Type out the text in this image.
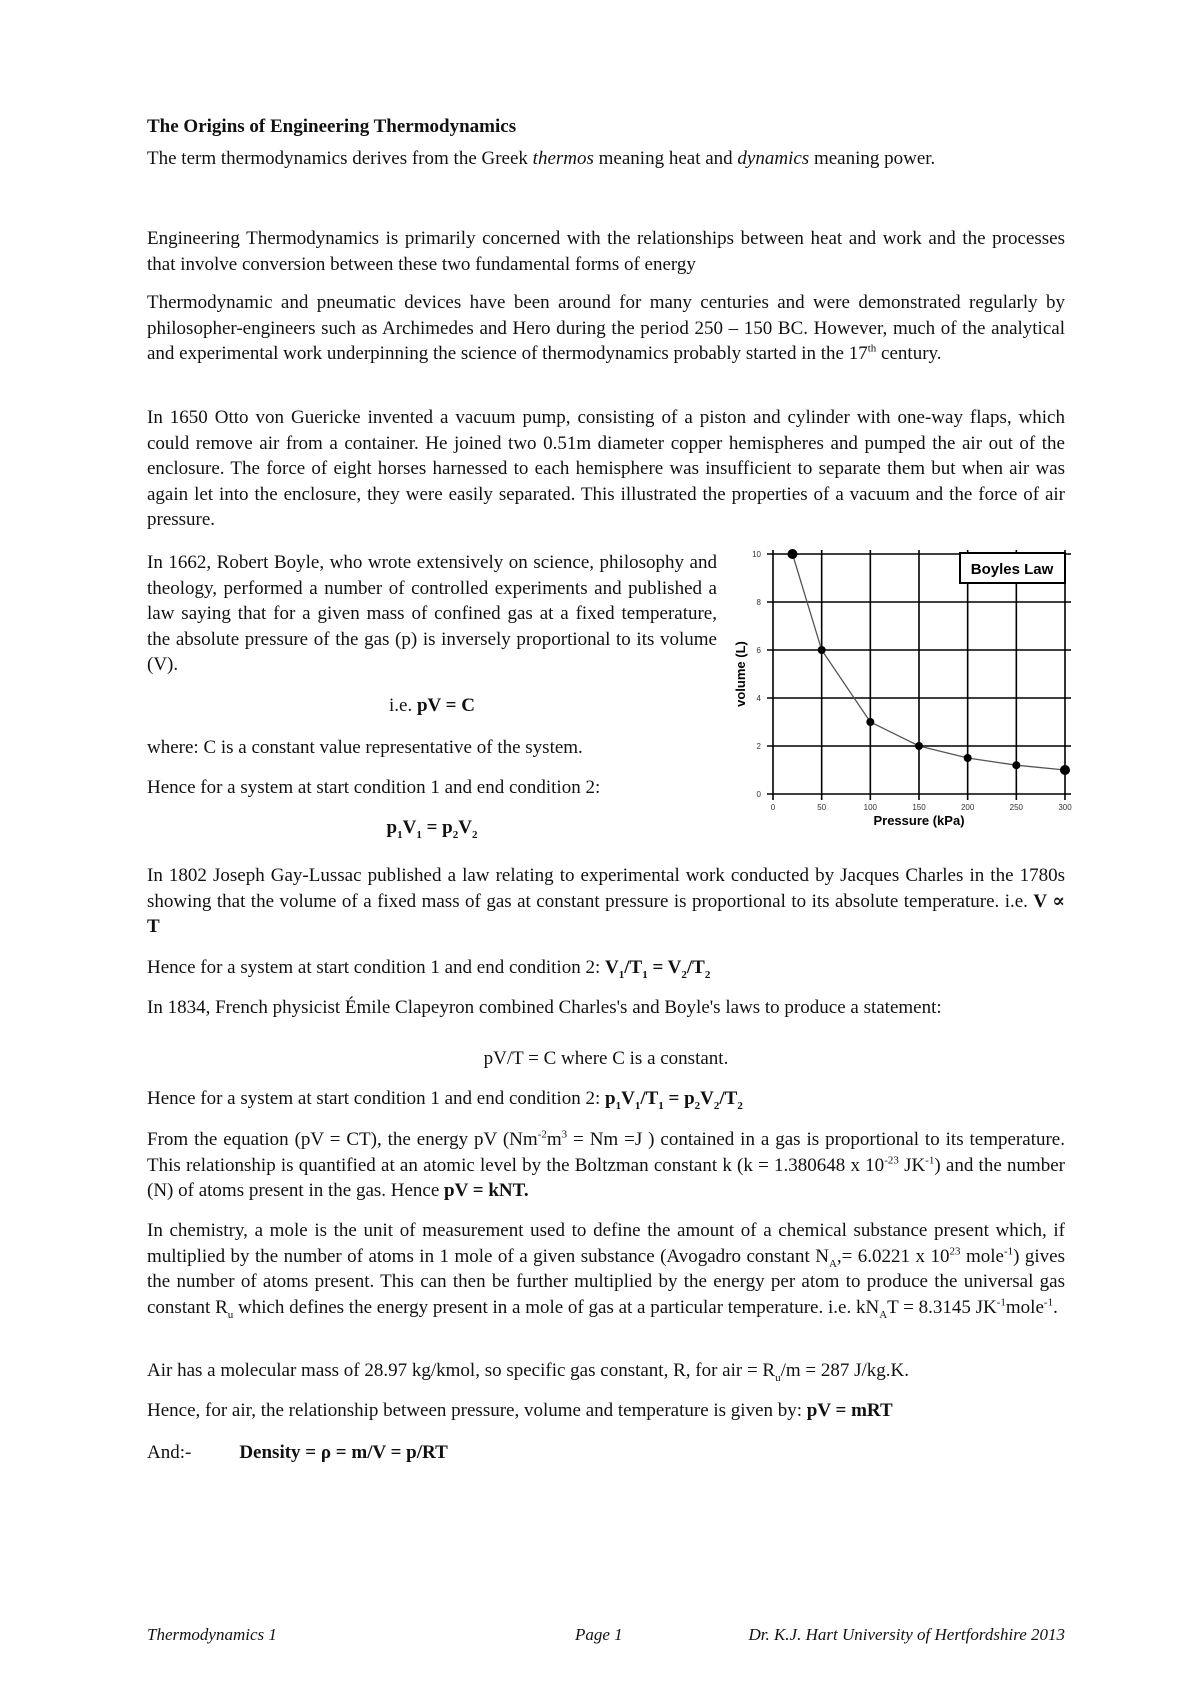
The Origins of Engineering Thermodynamics

The term thermodynamics derives from the Greek thermos meaning heat and dynamics meaning power.

Engineering Thermodynamics is primarily concerned with the relationships between heat and work and the processes that involve conversion between these two fundamental forms of energy

Thermodynamic and pneumatic devices have been around for many centuries and were demonstrated regularly by philosopher-engineers such as Archimedes and Hero during the period 250 – 150 BC. However, much of the analytical and experimental work underpinning the science of thermodynamics probably started in the 17th century.

In 1650 Otto von Guericke invented a vacuum pump, consisting of a piston and cylinder with one-way flaps, which could remove air from a container. He joined two 0.51m diameter copper hemispheres and pumped the air out of the enclosure. The force of eight horses harnessed to each hemisphere was insufficient to separate them but when air was again let into the enclosure, they were easily separated. This illustrated the properties of a vacuum and the force of air pressure.

In 1662, Robert Boyle, who wrote extensively on science, philosophy and theology, performed a number of controlled experiments and published a law saying that for a given mass of confined gas at a fixed temperature, the absolute pressure of the gas (p) is inversely proportional to its volume (V).

i.e. pV = C

where: C is a constant value representative of the system.

Hence for a system at start condition 1 and end condition 2:

$p_1V_1 = p_2V_2$

In 1802 Joseph Gay-Lussac published a law relating to experimental work conducted by Jacques Charles in the 1780s showing that the volume of a fixed mass of gas at constant pressure is proportional to its absolute temperature. i.e. V ∝ T

Hence for a system at start condition 1 and end condition 2: $V_1/T_1 = V_2/T_2$

In 1834, French physicist Émile Clapeyron combined Charles's and Boyle's laws to produce a statement:

pV/T = C where C is a constant.

Hence for a system at start condition 1 and end condition 2: $p_1V_1/T_1 = p_2V_2/T_2$

From the equation (pV = CT), the energy pV ($Nm^{-2}m^3 = Nm =J$ ) contained in a gas is proportional to its temperature. This relationship is quantified at an atomic level by the Boltzman constant k (k = 1.380648 x $10^{-23}$ $JK^{-1}$) and the number (N) of atoms present in the gas. Hence pV = kNT.

In chemistry, a mole is the unit of measurement used to define the amount of a chemical substance present which, if multiplied by the number of atoms in 1 mole of a given substance (Avogadro constant $N_A,= 6.0221$ x $10^{23}$ mole$^{-1}$) gives the number of atoms present. This can then be further multiplied by the energy per atom to produce the universal gas constant $R_u$ which defines the energy present in a mole of gas at a particular temperature. i.e. $kN_AT = 8.3145$ $JK^{-1}mole^{-1}$.

Air has a molecular mass of 28.97 kg/kmol, so specific gas constant, R, for air = $R_u/m = 287$ J/kg.K.

Hence, for air, the relationship between pressure, volume and temperature is given by: pV = mRT

And:-	Density = ρ = m/V = p/RT

Thermodynamics 1	Page 1	Dr. K.J. Hart University of Hertfordshire 2013
0	50	100	150	200	250	300
0
2
4
6
8
10
Pressure (kPa)
volume (L)
Boyles Law
